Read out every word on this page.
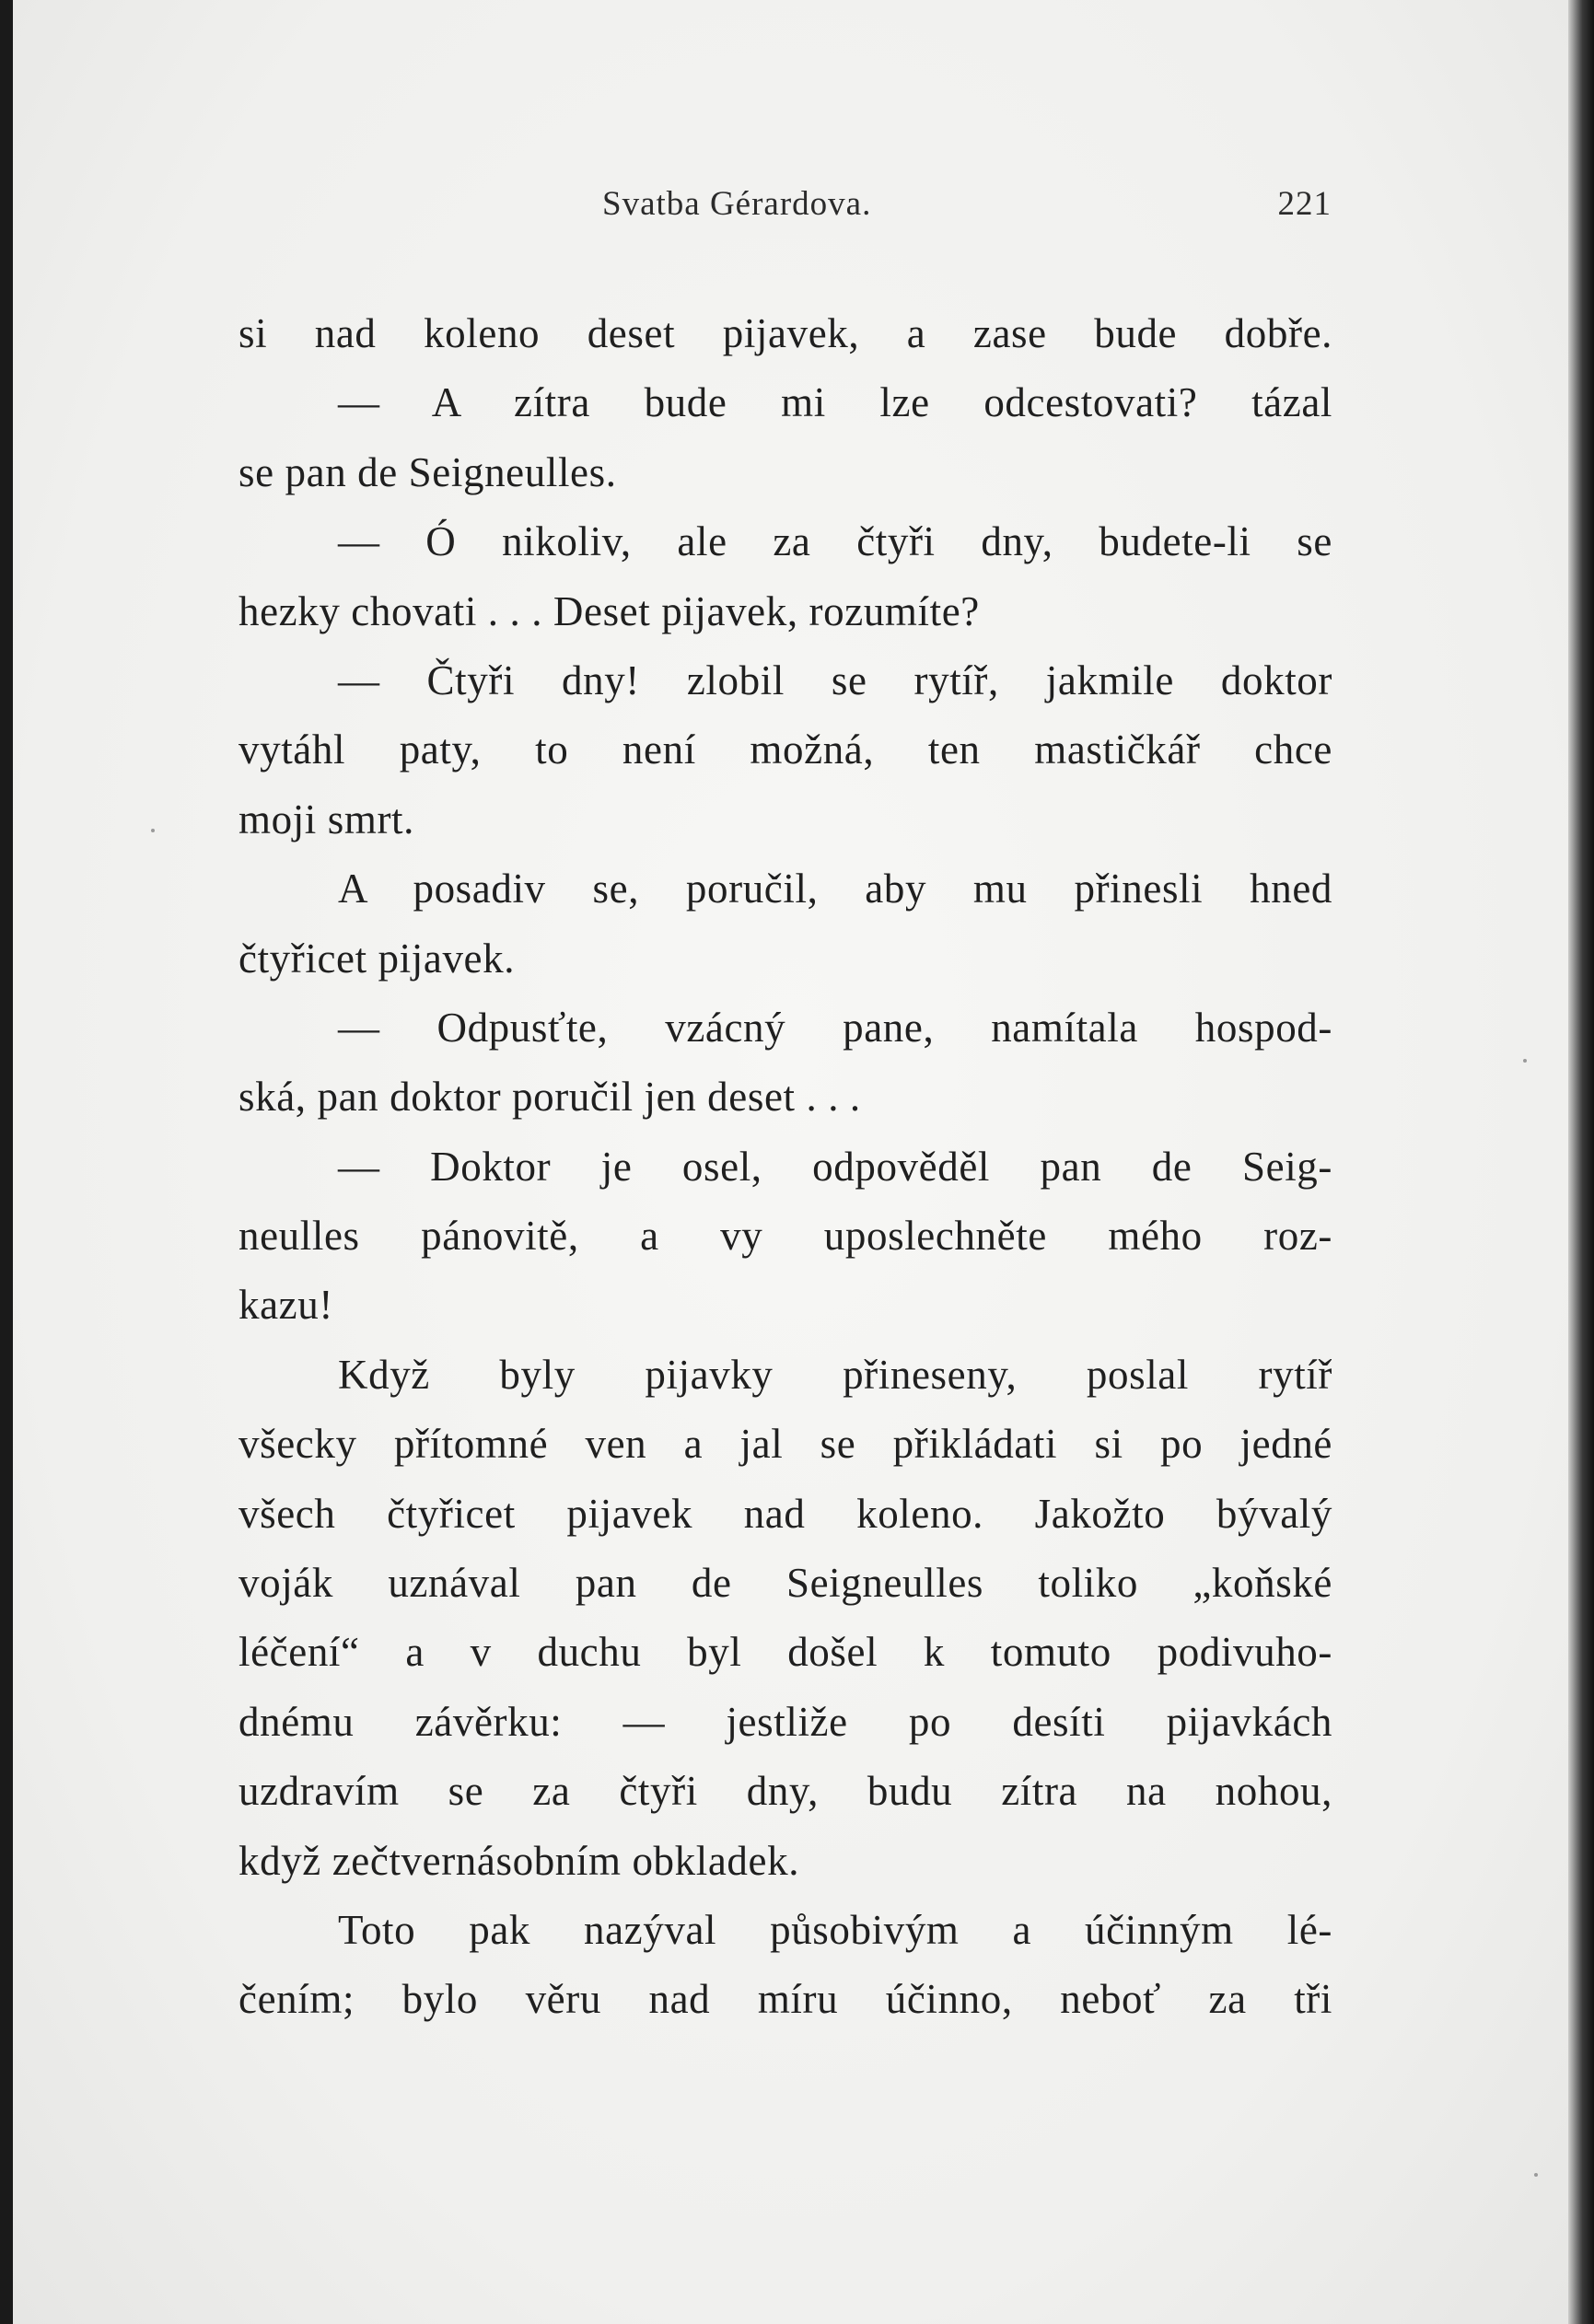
Svatba Gérardova.	221
si nad koleno deset pijavek, a zase bude dobře.
— A zítra bude mi lze odcestovati? tázal
se pan de Seigneulles.
— Ó nikoliv, ale za čtyři dny, budete-li se
hezky chovati . . . Deset pijavek, rozumíte?
— Čtyři dny! zlobil se rytíř, jakmile doktor
vytáhl paty, to není možná, ten mastičkář chce
moji smrt.
A posadiv se, poručil, aby mu přinesli hned
čtyřicet pijavek.
— Odpusťte, vzácný pane, namítala hospod-
ská, pan doktor poručil jen deset . . .
— Doktor je osel, odpověděl pan de Seig-
neulles pánovitě, a vy uposlechněte mého roz-
kazu!
Když byly pijavky přineseny, poslal rytíř
všecky přítomné ven a jal se přikládati si po jedné
všech čtyřicet pijavek nad koleno. Jakožto bývalý
voják uznával pan de Seigneulles toliko „koňské
léčení“ a v duchu byl došel k tomuto podivuho-
dnému závěrku: — jestliže po desíti pijavkách
uzdravím se za čtyři dny, budu zítra na nohou,
když zečtvernásobním obkladek.
Toto pak nazýval působivým a účinným lé-
čením; bylo věru nad míru účinno, neboť za tři
